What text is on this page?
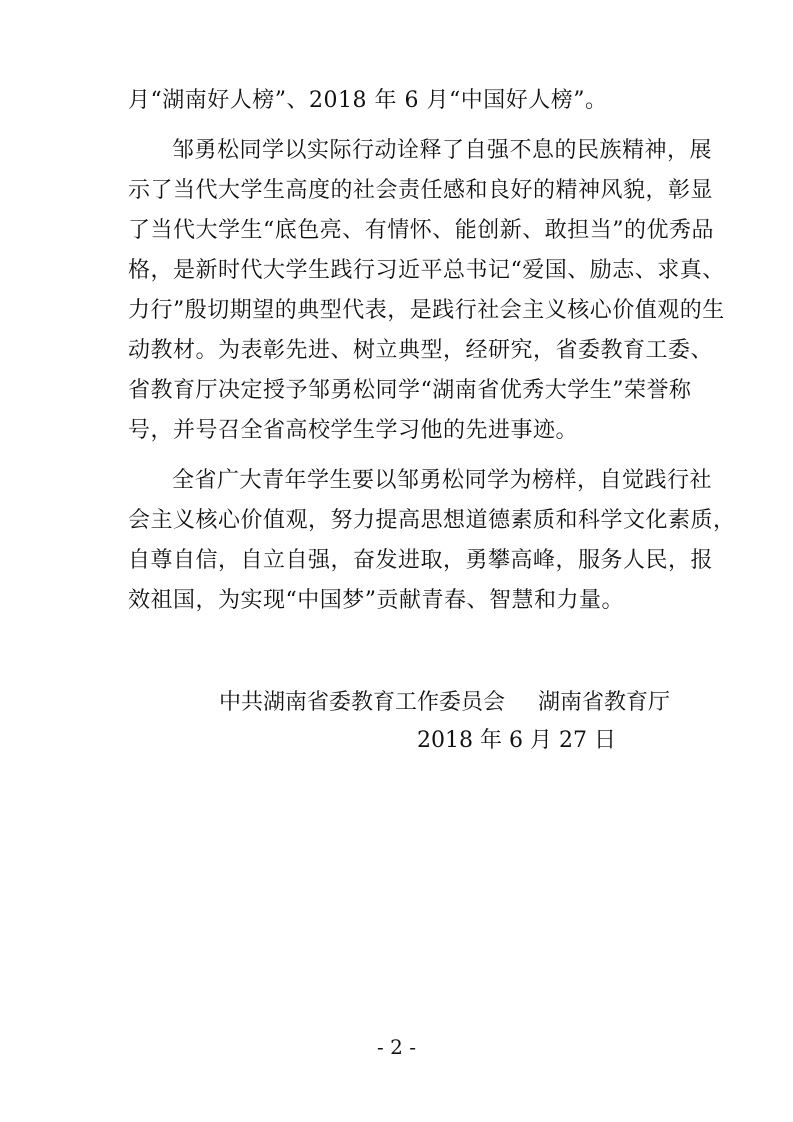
月“湖南好人榜”、2018 年 6 月“中国好人榜”。
邹勇松同学以实际行动诠释了自强不息的民族精神，展
示了当代大学生高度的社会责任感和良好的精神风貌，彰显
了当代大学生“底色亮、有情怀、能创新、敢担当”的优秀品
格，是新时代大学生践行习近平总书记“爱国、励志、求真、
力行”殷切期望的典型代表，是践行社会主义核心价值观的生
动教材。为表彰先进、树立典型，经研究，省委教育工委、
省教育厅决定授予邹勇松同学“湖南省优秀大学生”荣誉称
号，并号召全省高校学生学习他的先进事迹。
全省广大青年学生要以邹勇松同学为榜样，自觉践行社
会主义核心价值观，努力提高思想道德素质和科学文化素质，
自尊自信，自立自强，奋发进取，勇攀高峰，服务人民，报
效祖国，为实现“中国梦”贡献青春、智慧和力量。
中共湖南省委教育工作委员会 湖南省教育厅
2018 年 6 月 27 日
- 2 -
